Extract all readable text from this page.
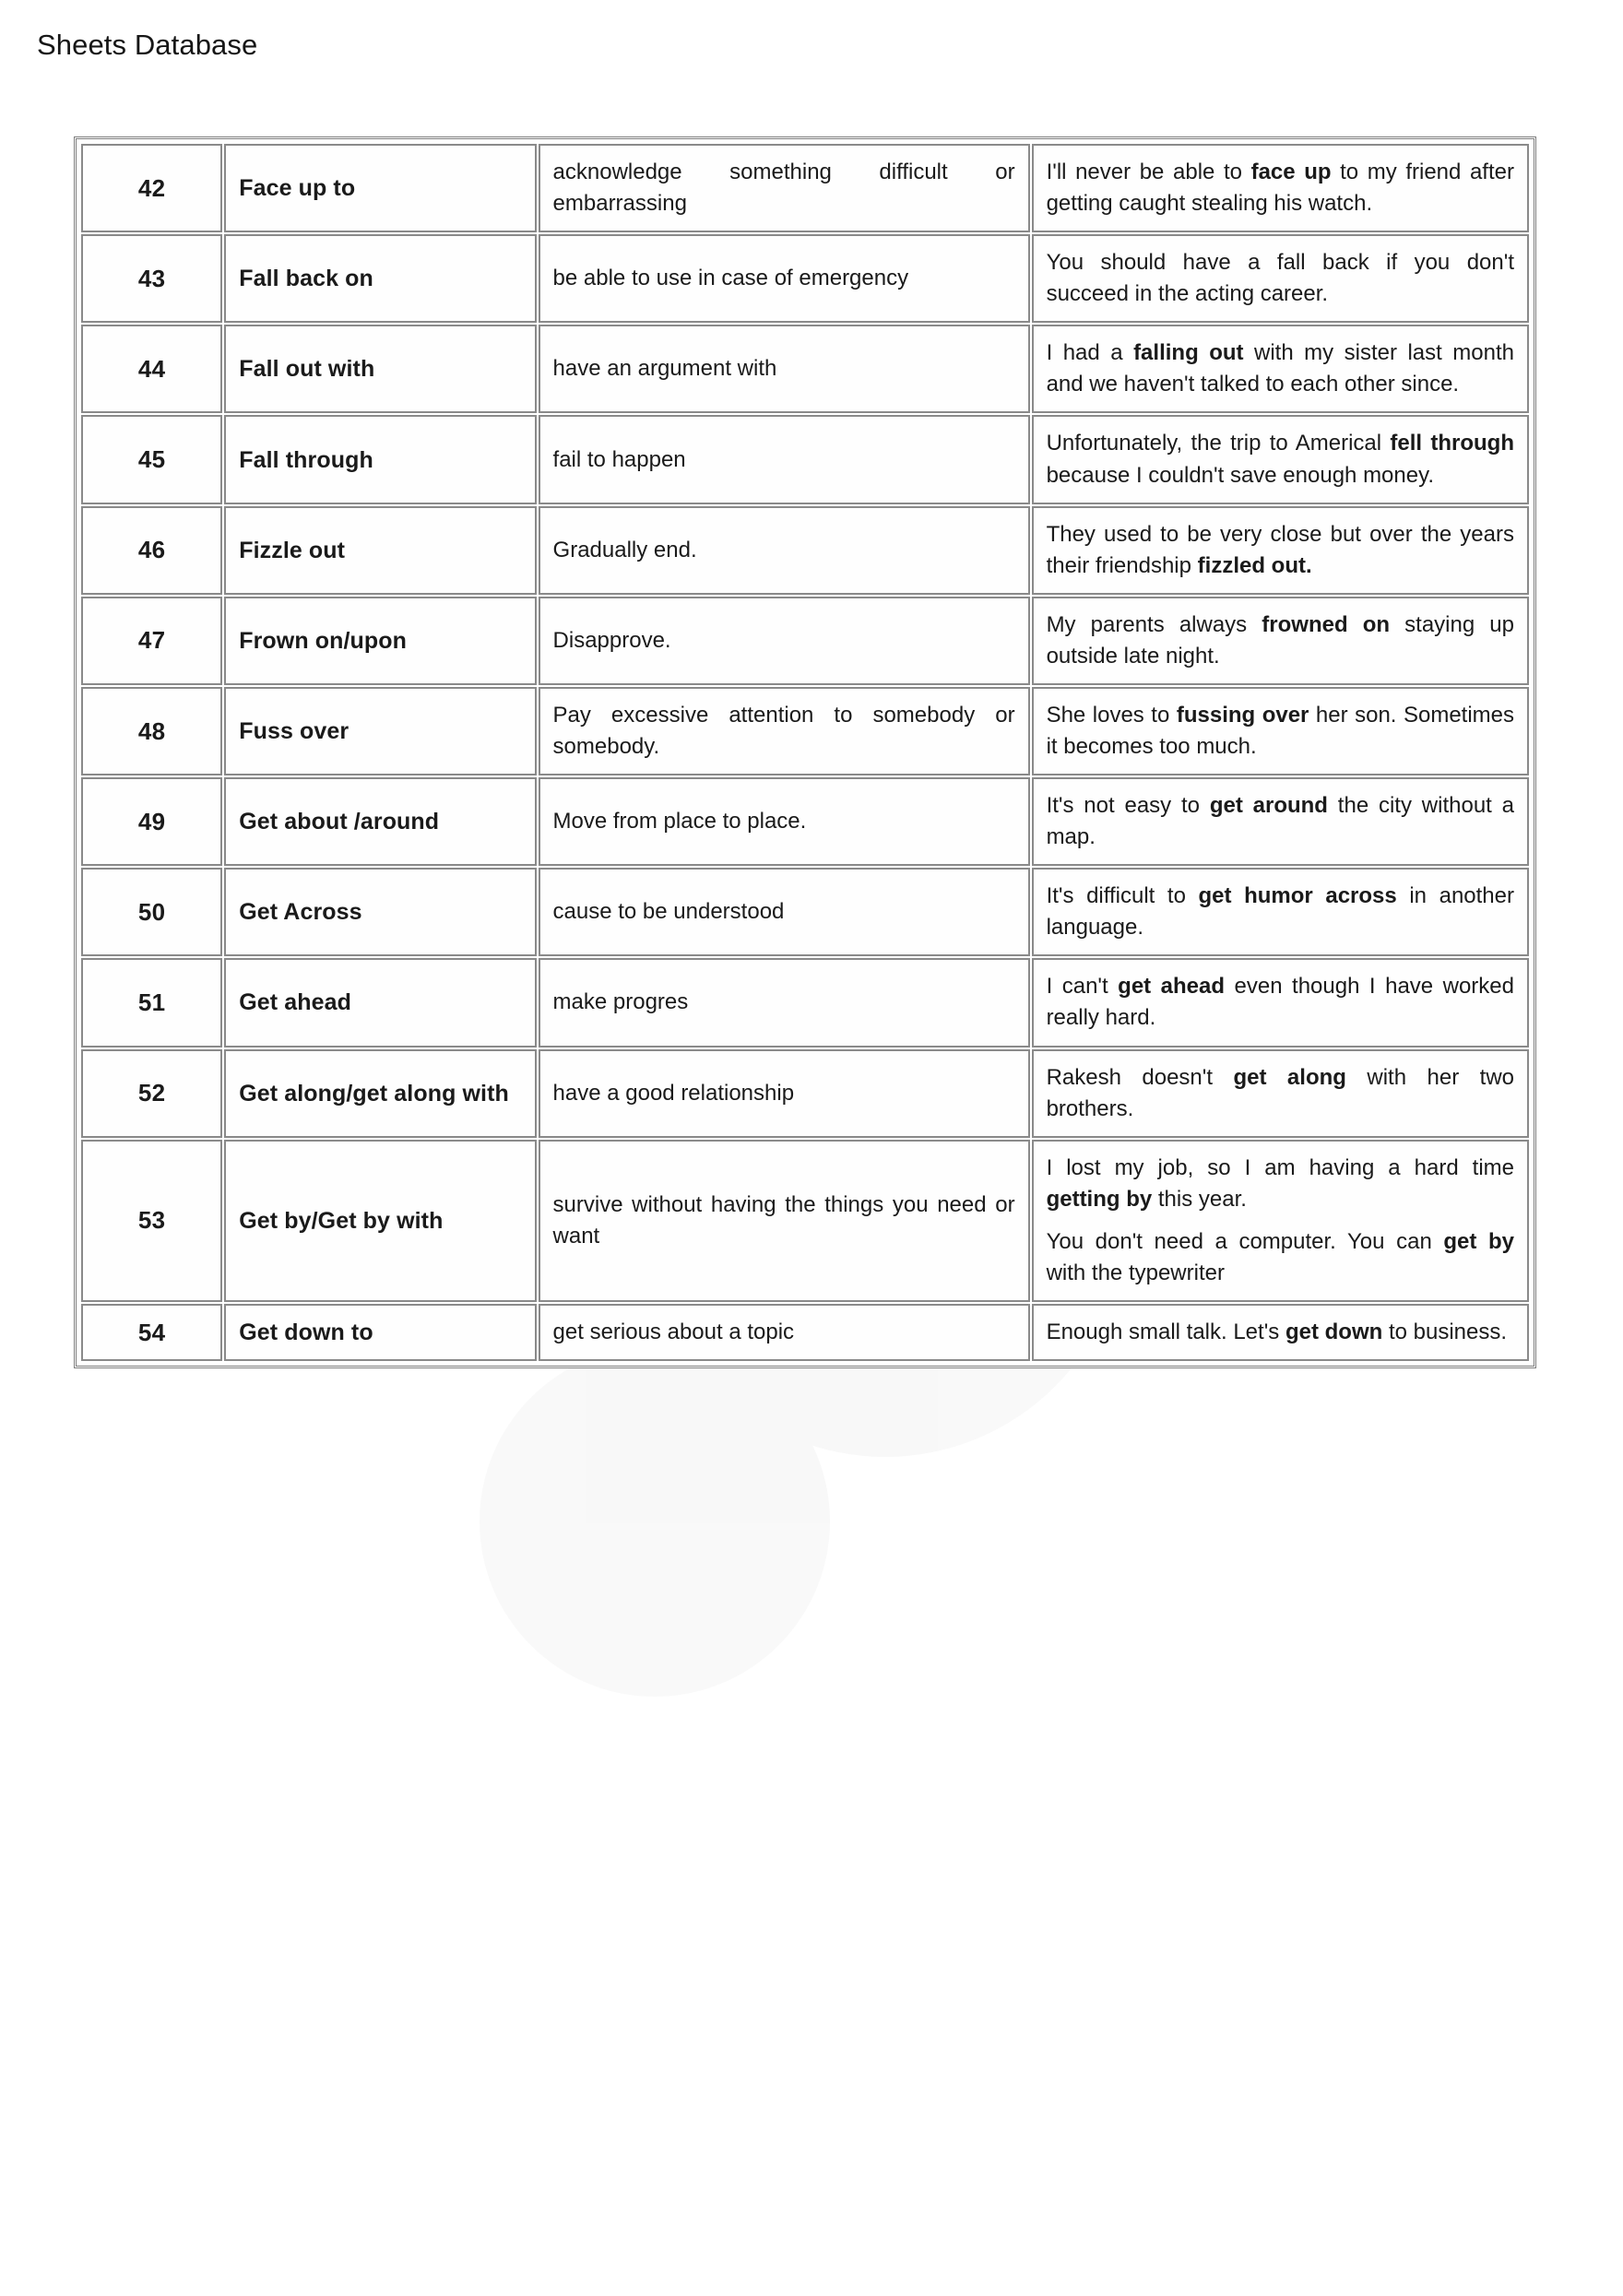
Sheets Database
42	Face up to	acknowledge something difficult or embarrassing	I'll never be able to face up to my friend after getting caught stealing his watch.

43	Fall back on	be able to use in case of emergency	You should have a fall back if you don't succeed in the acting career.

44	Fall out with	have an argument with	I had a falling out with my sister last month and we haven't talked to each other since.

45	Fall through	fail to happen	Unfortunately, the trip to Americal fell through because I couldn't save enough money.

46	Fizzle out	Gradually end.	They used to be very close but over the years their friendship fizzled out.

47	Frown on/upon	Disapprove.	My parents always frowned on staying up outside late night.

48	Fuss over	Pay excessive attention to somebody or somebody.	She loves to fussing over her son. Sometimes it becomes too much.

49	Get about /around	Move from place to place.	It's not easy to get around the city without a map.

50	Get Across	cause to be understood	It's difficult to get humor across in another language.

51	Get ahead	make progres	I can't get ahead even though I have worked really hard.

52	Get along/get along with	have a good relationship	Rakesh doesn't get along with her two brothers.

53	Get by/Get by with	survive without having the things you need or want	I lost my job, so I am having a hard time getting by this year.

You don't need a computer. You can get by with the typewriter

54	Get down to	get serious about a topic	Enough small talk. Let's get down to business.
